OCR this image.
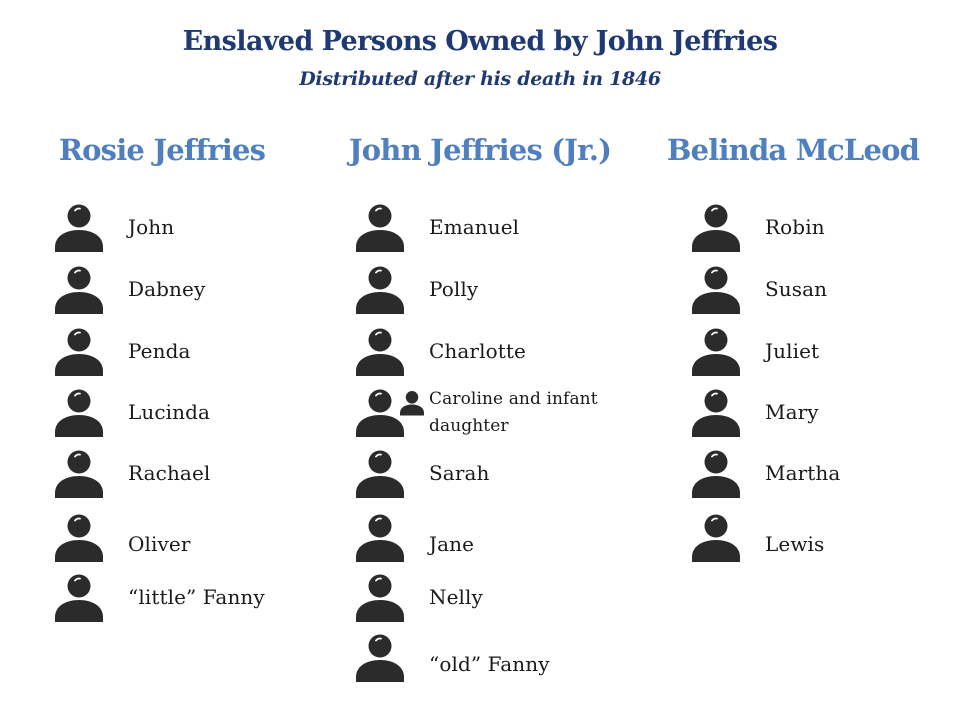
Enslaved Persons Owned by John Jeffries
Distributed after his death in 1846
Rosie Jeffries	John Jeffries (Jr.)	Belinda McLeod
John
Dabney
Penda
Lucinda
Rachael
Oliver
“little” Fanny
Emanuel
Polly
Charlotte
Caroline and infant daughter
Sarah
Jane
Nelly
“old” Fanny
Robin
Susan
Juliet
Mary
Martha
Lewis
